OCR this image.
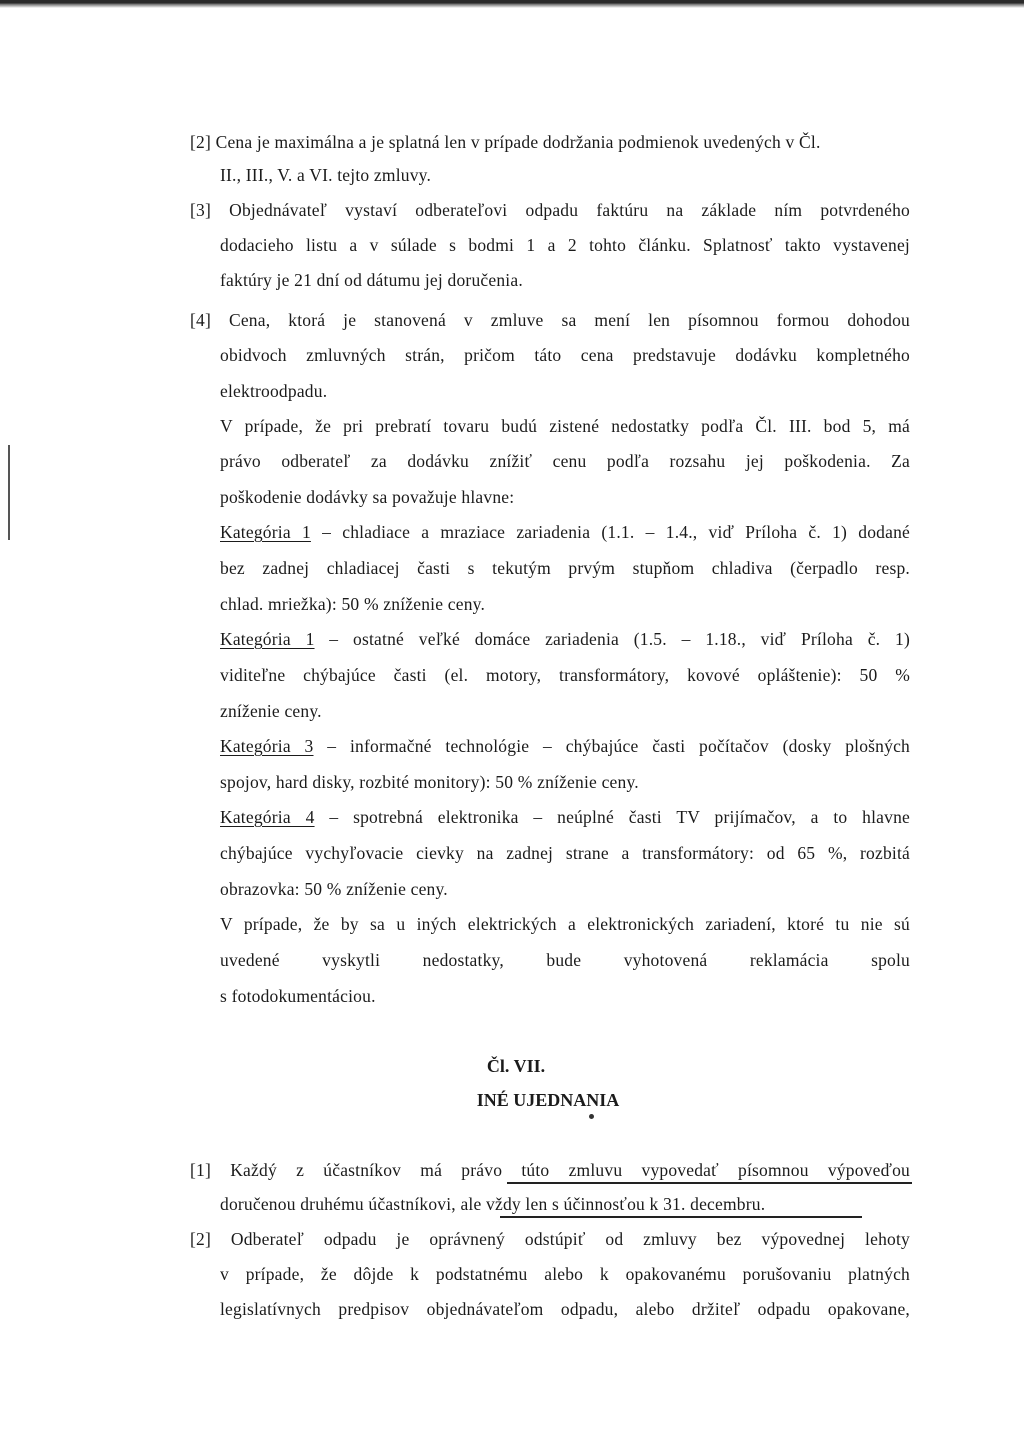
[2] Cena je maximálna a je splatná len v prípade dodržania podmienok uvedených v Čl.
II., III., V. a VI. tejto zmluvy.
[3] Objednávateľ vystaví odberateľovi odpadu faktúru na základe ním potvrdeného
dodacieho listu a v súlade s bodmi 1 a 2 tohto článku. Splatnosť takto vystavenej
faktúry je 21 dní od dátumu jej doručenia.
[4] Cena, ktorá je stanovená v zmluve sa mení len písomnou formou dohodou
obidvoch zmluvných strán, pričom táto cena predstavuje dodávku kompletného
elektroodpadu.
V prípade, že pri prebratí tovaru budú zistené nedostatky podľa Čl. III. bod 5, má
právo odberateľ za dodávku znížiť cenu podľa rozsahu jej poškodenia. Za
poškodenie dodávky sa považuje hlavne:
Kategória 1 – chladiace a mraziace zariadenia (1.1. – 1.4., viď Príloha č. 1) dodané
bez zadnej chladiacej časti s tekutým prvým stupňom chladiva (čerpadlo resp.
chlad. mriežka): 50 % zníženie ceny.
Kategória 1 – ostatné veľké domáce zariadenia (1.5. – 1.18., viď Príloha č. 1)
viditeľne chýbajúce časti (el. motory, transformátory, kovové opláštenie): 50 %
zníženie ceny.
Kategória 3 – informačné technológie – chýbajúce časti počítačov (dosky plošných
spojov, hard disky, rozbité monitory): 50 % zníženie ceny.
Kategória 4 – spotrebná elektronika – neúplné časti TV prijímačov, a to hlavne
chýbajúce vychyľovacie cievky na zadnej strane a transformátory: od 65 %, rozbitá
obrazovka: 50 % zníženie ceny.
V prípade, že by sa u iných elektrických a elektronických zariadení, ktoré tu nie sú
uvedené vyskytli nedostatky, bude vyhotovená reklamácia spolu
s fotodokumentáciou.
Čl. VII.
INÉ UJEDNANIA
[1] Každý z účastníkov má právo túto zmluvu vypovedať písomnou výpoveďou
doručenou druhému účastníkovi, ale vždy len s účinnosťou k 31. decembru.
[2] Odberateľ odpadu je oprávnený odstúpiť od zmluvy bez výpovednej lehoty
v prípade, že dôjde k podstatnému alebo k opakovanému porušovaniu platných
legislatívnych predpisov objednávateľom odpadu, alebo držiteľ odpadu opakovane,
